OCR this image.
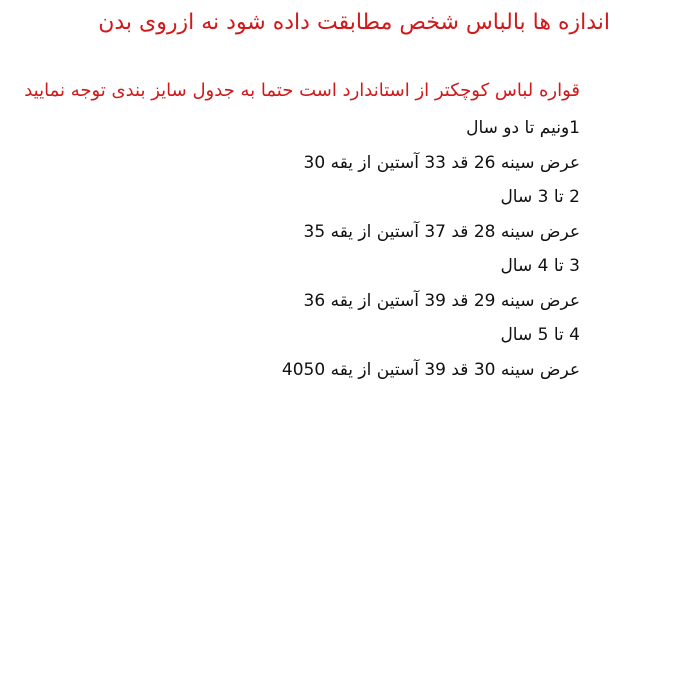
اندازه ها بالباس شخص مطابقت داده شود نه ازروی بدن
قواره لباس کوچکتر از استاندارد است حتما به جدول سایز بندی توجه نمایید
1ونیم تا دو سال
عرض سینه 26 قد 33 آستین از یقه 30
2 تا 3 سال
عرض سینه 28 قد 37 آستین از یقه 35
3 تا 4 سال
عرض سینه 29 قد 39 آستین از یقه 36
4 تا 5 سال
عرض سینه 30 قد 39 آستین از یقه 4050
